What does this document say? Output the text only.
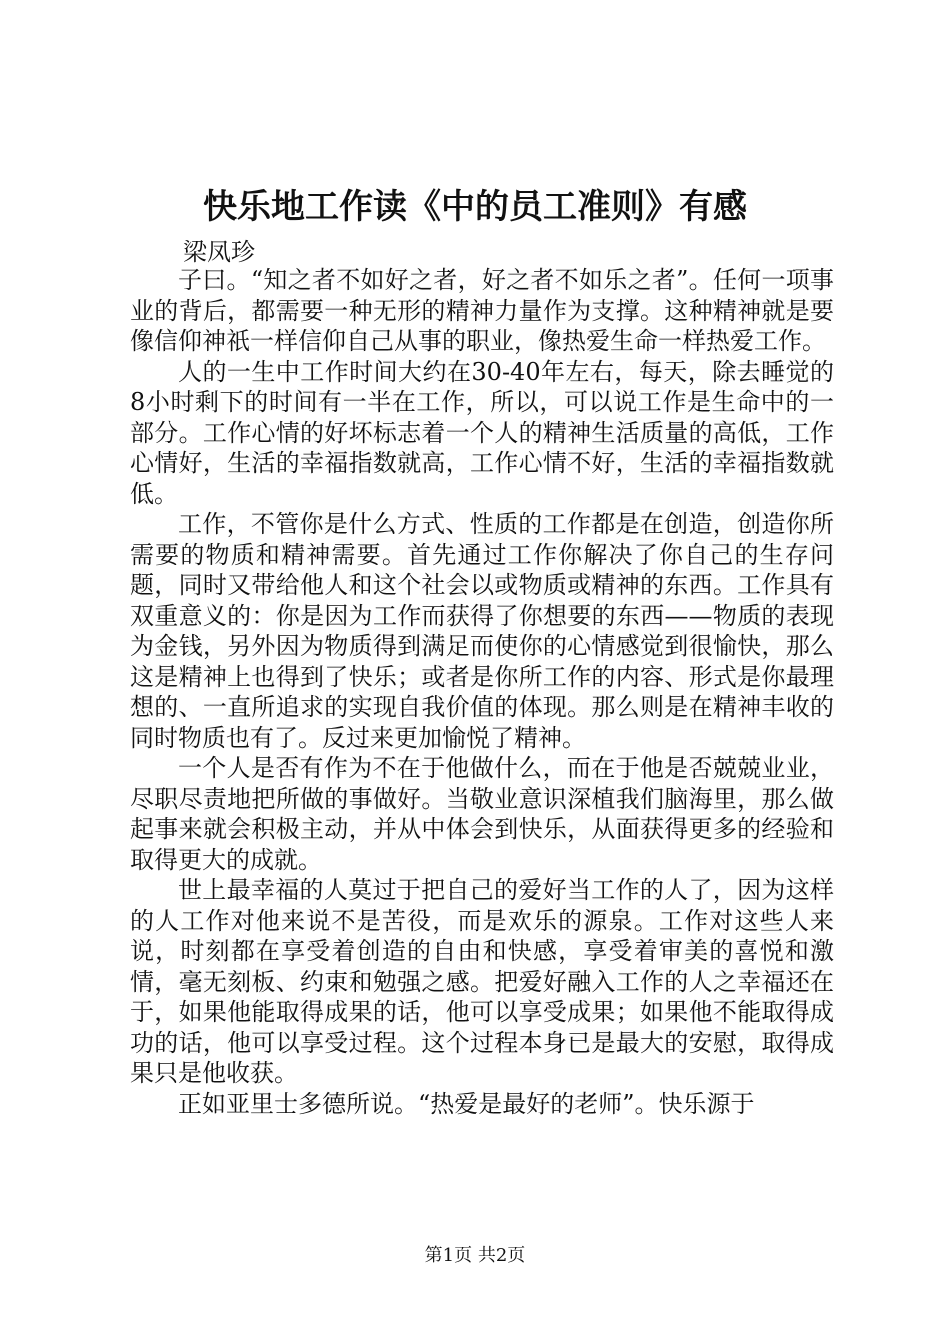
快乐地工作读《中的员工准则》有感
梁凤珍

子曰。“知之者不如好之者，好之者不如乐之者”。任何一项事业的背后，都需要一种无形的精神力量作为支撑。这种精神就是要像信仰神祇一样信仰自己从事的职业，像热爱生命一样热爱工作。

人的一生中工作时间大约在30-40年左右，每天，除去睡觉的8小时剩下的时间有一半在工作，所以，可以说工作是生命中的一部分。工作心情的好坏标志着一个人的精神生活质量的高低，工作心情好，生活的幸福指数就高，工作心情不好，生活的幸福指数就低。

工作，不管你是什么方式、性质的工作都是在创造，创造你所需要的物质和精神需要。首先通过工作你解决了你自己的生存问题，同时又带给他人和这个社会以或物质或精神的东西。工作具有双重意义的：你是因为工作而获得了你想要的东西——物质的表现为金钱，另外因为物质得到满足而使你的心情感觉到很愉快，那么这是精神上也得到了快乐；或者是你所工作的内容、形式是你最理想的、一直所追求的实现自我价值的体现。那么则是在精神丰收的同时物质也有了。反过来更加愉悦了精神。

一个人是否有作为不在于他做什么，而在于他是否兢兢业业，尽职尽责地把所做的事做好。当敬业意识深植我们脑海里，那么做起事来就会积极主动，并从中体会到快乐，从面获得更多的经验和取得更大的成就。

世上最幸福的人莫过于把自己的爱好当工作的人了，因为这样的人工作对他来说不是苦役，而是欢乐的源泉。工作对这些人来说，时刻都在享受着创造的自由和快感，享受着审美的喜悦和激情，毫无刻板、约束和勉强之感。把爱好融入工作的人之幸福还在于，如果他能取得成果的话，他可以享受成果；如果他不能取得成功的话，他可以享受过程。这个过程本身已是最大的安慰，取得成果只是他收获。

正如亚里士多德所说。“热爱是最好的老师”。快乐源于

第1页 共2页
